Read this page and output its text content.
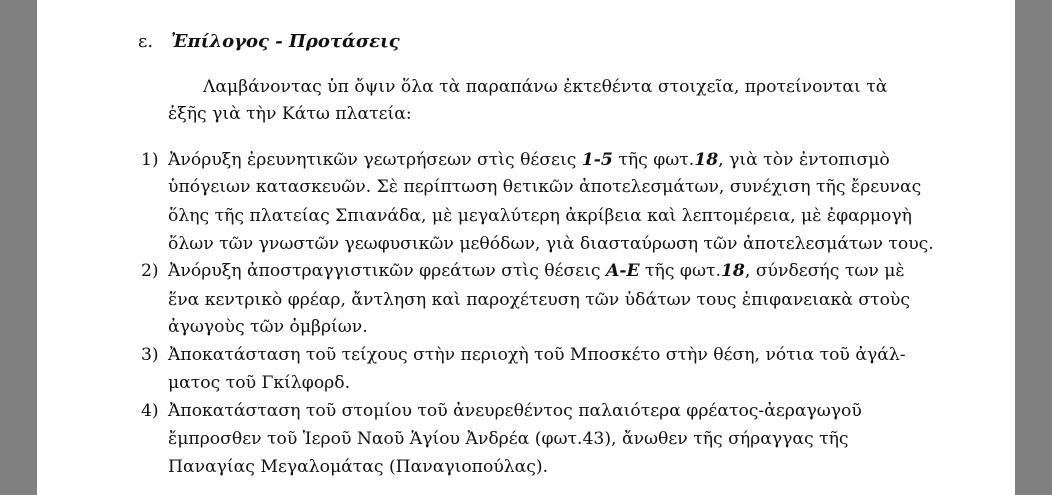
ε. Ἐπίλογος - Προτάσεις
Λαμβάνοντας ὑπ ὄψιν ὅλα τὰ παραπάνω ἐκτεθέντα στοιχεῖα, προτείνονται τὰ
ἑξῆς γιὰ τὴν Κάτω πλατεία:
1) Ἀνόρυξη ἐρευνητικῶν γεωτρήσεων στὶς θέσεις 1-5 τῆς φωτ.18, γιὰ τὸν ἐντοπισμὸ
ὑπόγειων κατασκευῶν. Σὲ περίπτωση θετικῶν ἀποτελεσμάτων, συνέχιση τῆς ἔρευνας
ὅλης τῆς πλατείας Σπιανάδα, μὲ μεγαλύτερη ἀκρίβεια καὶ λεπτομέρεια, μὲ ἐφαρμογὴ
ὅλων τῶν γνωστῶν γεωφυσικῶν μεθόδων, γιὰ διασταύρωση τῶν ἀποτελεσμάτων τους.
2) Ἀνόρυξη ἀποστραγγιστικῶν φρεάτων στὶς θέσεις Α-Ε τῆς φωτ.18, σύνδεσής των μὲ
ἕνα κεντρικὸ φρέαρ, ἄντληση καὶ παροχέτευση τῶν ὑδάτων τους ἐπιφανειακὰ στοὺς
ἀγωγοὺς τῶν ὀμβρίων.
3) Ἀποκατάσταση τοῦ τείχους στὴν περιοχὴ τοῦ Μποσκέτο στὴν θέση, νότια τοῦ ἀγάλ-
ματος τοῦ Γκίλφορδ.
4) Ἀποκατάσταση τοῦ στομίου τοῦ ἀνευρεθέντος παλαιότερα φρέατος-ἀεραγωγοῦ
ἔμπροσθεν τοῦ Ἱεροῦ Ναοῦ Ἁγίου Ἀνδρέα (φωτ.43), ἄνωθεν τῆς σήραγγας τῆς
Παναγίας Μεγαλομάτας (Παναγιοπούλας).
